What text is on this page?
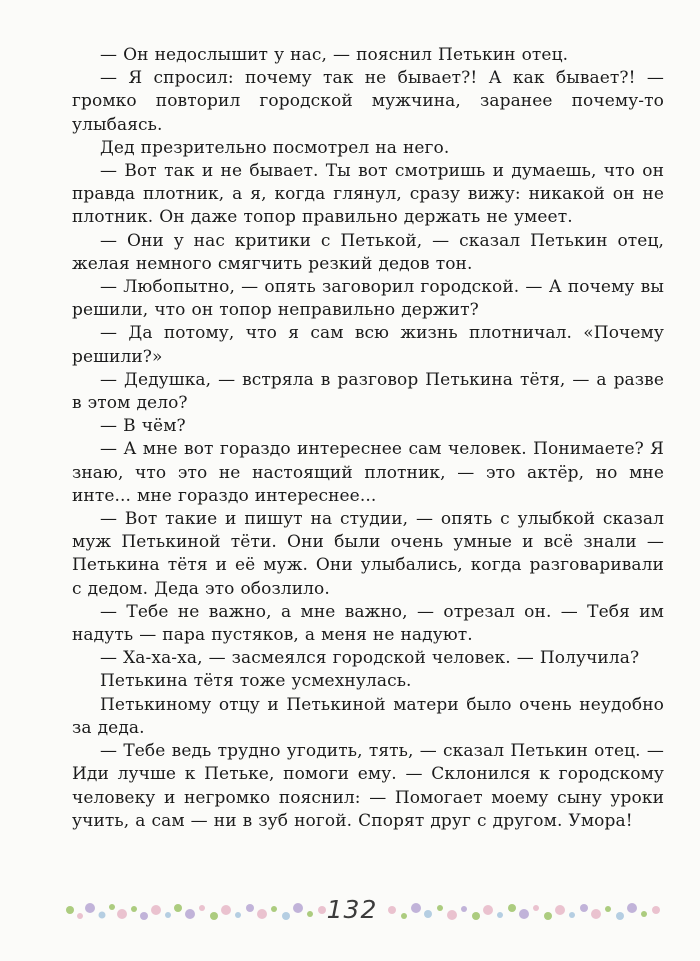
— Он недослышит у нас, — пояснил Петькин отец.

— Я спросил: почему так не бывает?! А как бывает?! — громко повторил городской мужчина, заранее почему-то улыбаясь.

Дед презрительно посмотрел на него.

— Вот так и не бывает. Ты вот смотришь и думаешь, что он правда плотник, а я, когда глянул, сразу вижу: никакой он не плотник. Он даже топор правильно держать не умеет.

— Они у нас критики с Петькой, — сказал Петькин отец, желая немного смягчить резкий дедов тон.

— Любопытно, — опять заговорил городской. — А почему вы решили, что он топор неправильно держит?

— Да потому, что я сам всю жизнь плотничал. «Почему решили?»

— Дедушка, — встряла в разговор Петькина тётя, — а разве в этом дело?

— В чём?

— А мне вот гораздо интереснее сам человек. Понимаете? Я знаю, что это не настоящий плотник, — это актёр, но мне инте... мне гораздо интереснее...

— Вот такие и пишут на студии, — опять с улыбкой сказал муж Петькиной тёти. Они были очень умные и всё знали — Петькина тётя и её муж. Они улыбались, когда разговаривали с дедом. Деда это обозлило.

— Тебе не важно, а мне важно, — отрезал он. — Тебя им надуть — пара пустяков, а меня не надуют.

— Ха-ха-ха, — засмеялся городской человек. — Получила?

Петькина тётя тоже усмехнулась.

Петькиному отцу и Петькиной матери было очень неудобно за деда.

— Тебе ведь трудно угодить, тять, — сказал Петькин отец. — Иди лучше к Петьке, помоги ему. — Склонился к городскому человеку и негромко пояснил: — Помогает моему сыну уроки учить, а сам — ни в зуб ногой. Спорят друг с другом. Умора!

132
